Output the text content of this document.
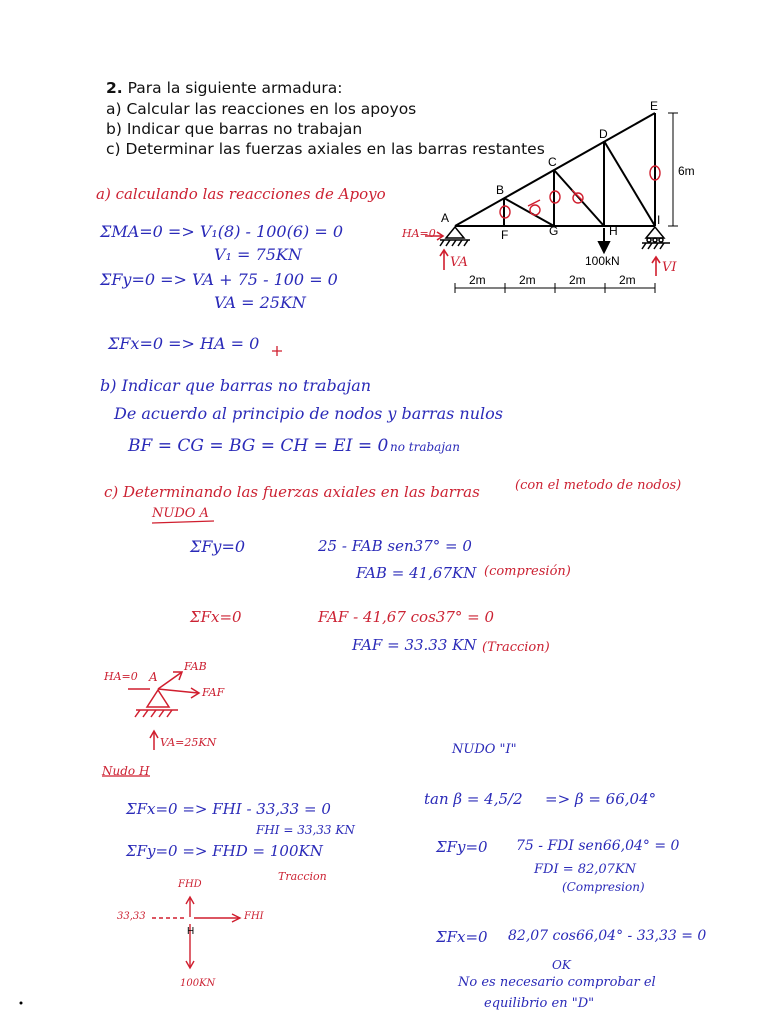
2. Para la siguiente armadura:
a) Calcular las reacciones en los apoyos
b) Indicar que barras no trabajan
c) Determinar las fuerzas axiales en las barras restantes
A
B
C
D
E
F	G	H
I
100kN
6m
2m	2m	2m	2m
HA=0
VA	VI
a) calculando las reacciones de Apoyo
ΣMA=0 => V₁(8) - 100(6) = 0
V₁ = 75KN
ΣFy=0 => VA + 75 - 100 = 0
VA = 25KN
ΣFx=0 => HA = 0
b) Indicar que barras no trabajan
De acuerdo al principio de nodos y barras nulos
BF = CG = BG = CH = EI = 0 no trabajan
c) Determinando las fuerzas axiales en las barras	(con el metodo de nodos)
NUDO A
ΣFy=0	25 - FAB sen37° = 0
FAB = 41,67KN (compresión)
ΣFx=0	FAF - 41,67 cos37° = 0
FAF = 33.33 KN (Traccion)
HA=0 A
FAB
FAF
VA=25KN
Nudo H
ΣFx=0 => FHI - 33,33 = 0
FHI = 33,33 KN
ΣFy=0 => FHD = 100KN
Traccion
FHD
FHI
33,33
H
100KN
NUDO "I"
tan β = 4,5/2 => β = 66,04°
ΣFy=0 75 - FDI sen66,04° = 0
FDI = 82,07KN
(Compresion)
ΣFx=0 82,07 cos66,04° - 33,33 = 0
OK
No es necesario comprobar el
equilibrio en "D"
